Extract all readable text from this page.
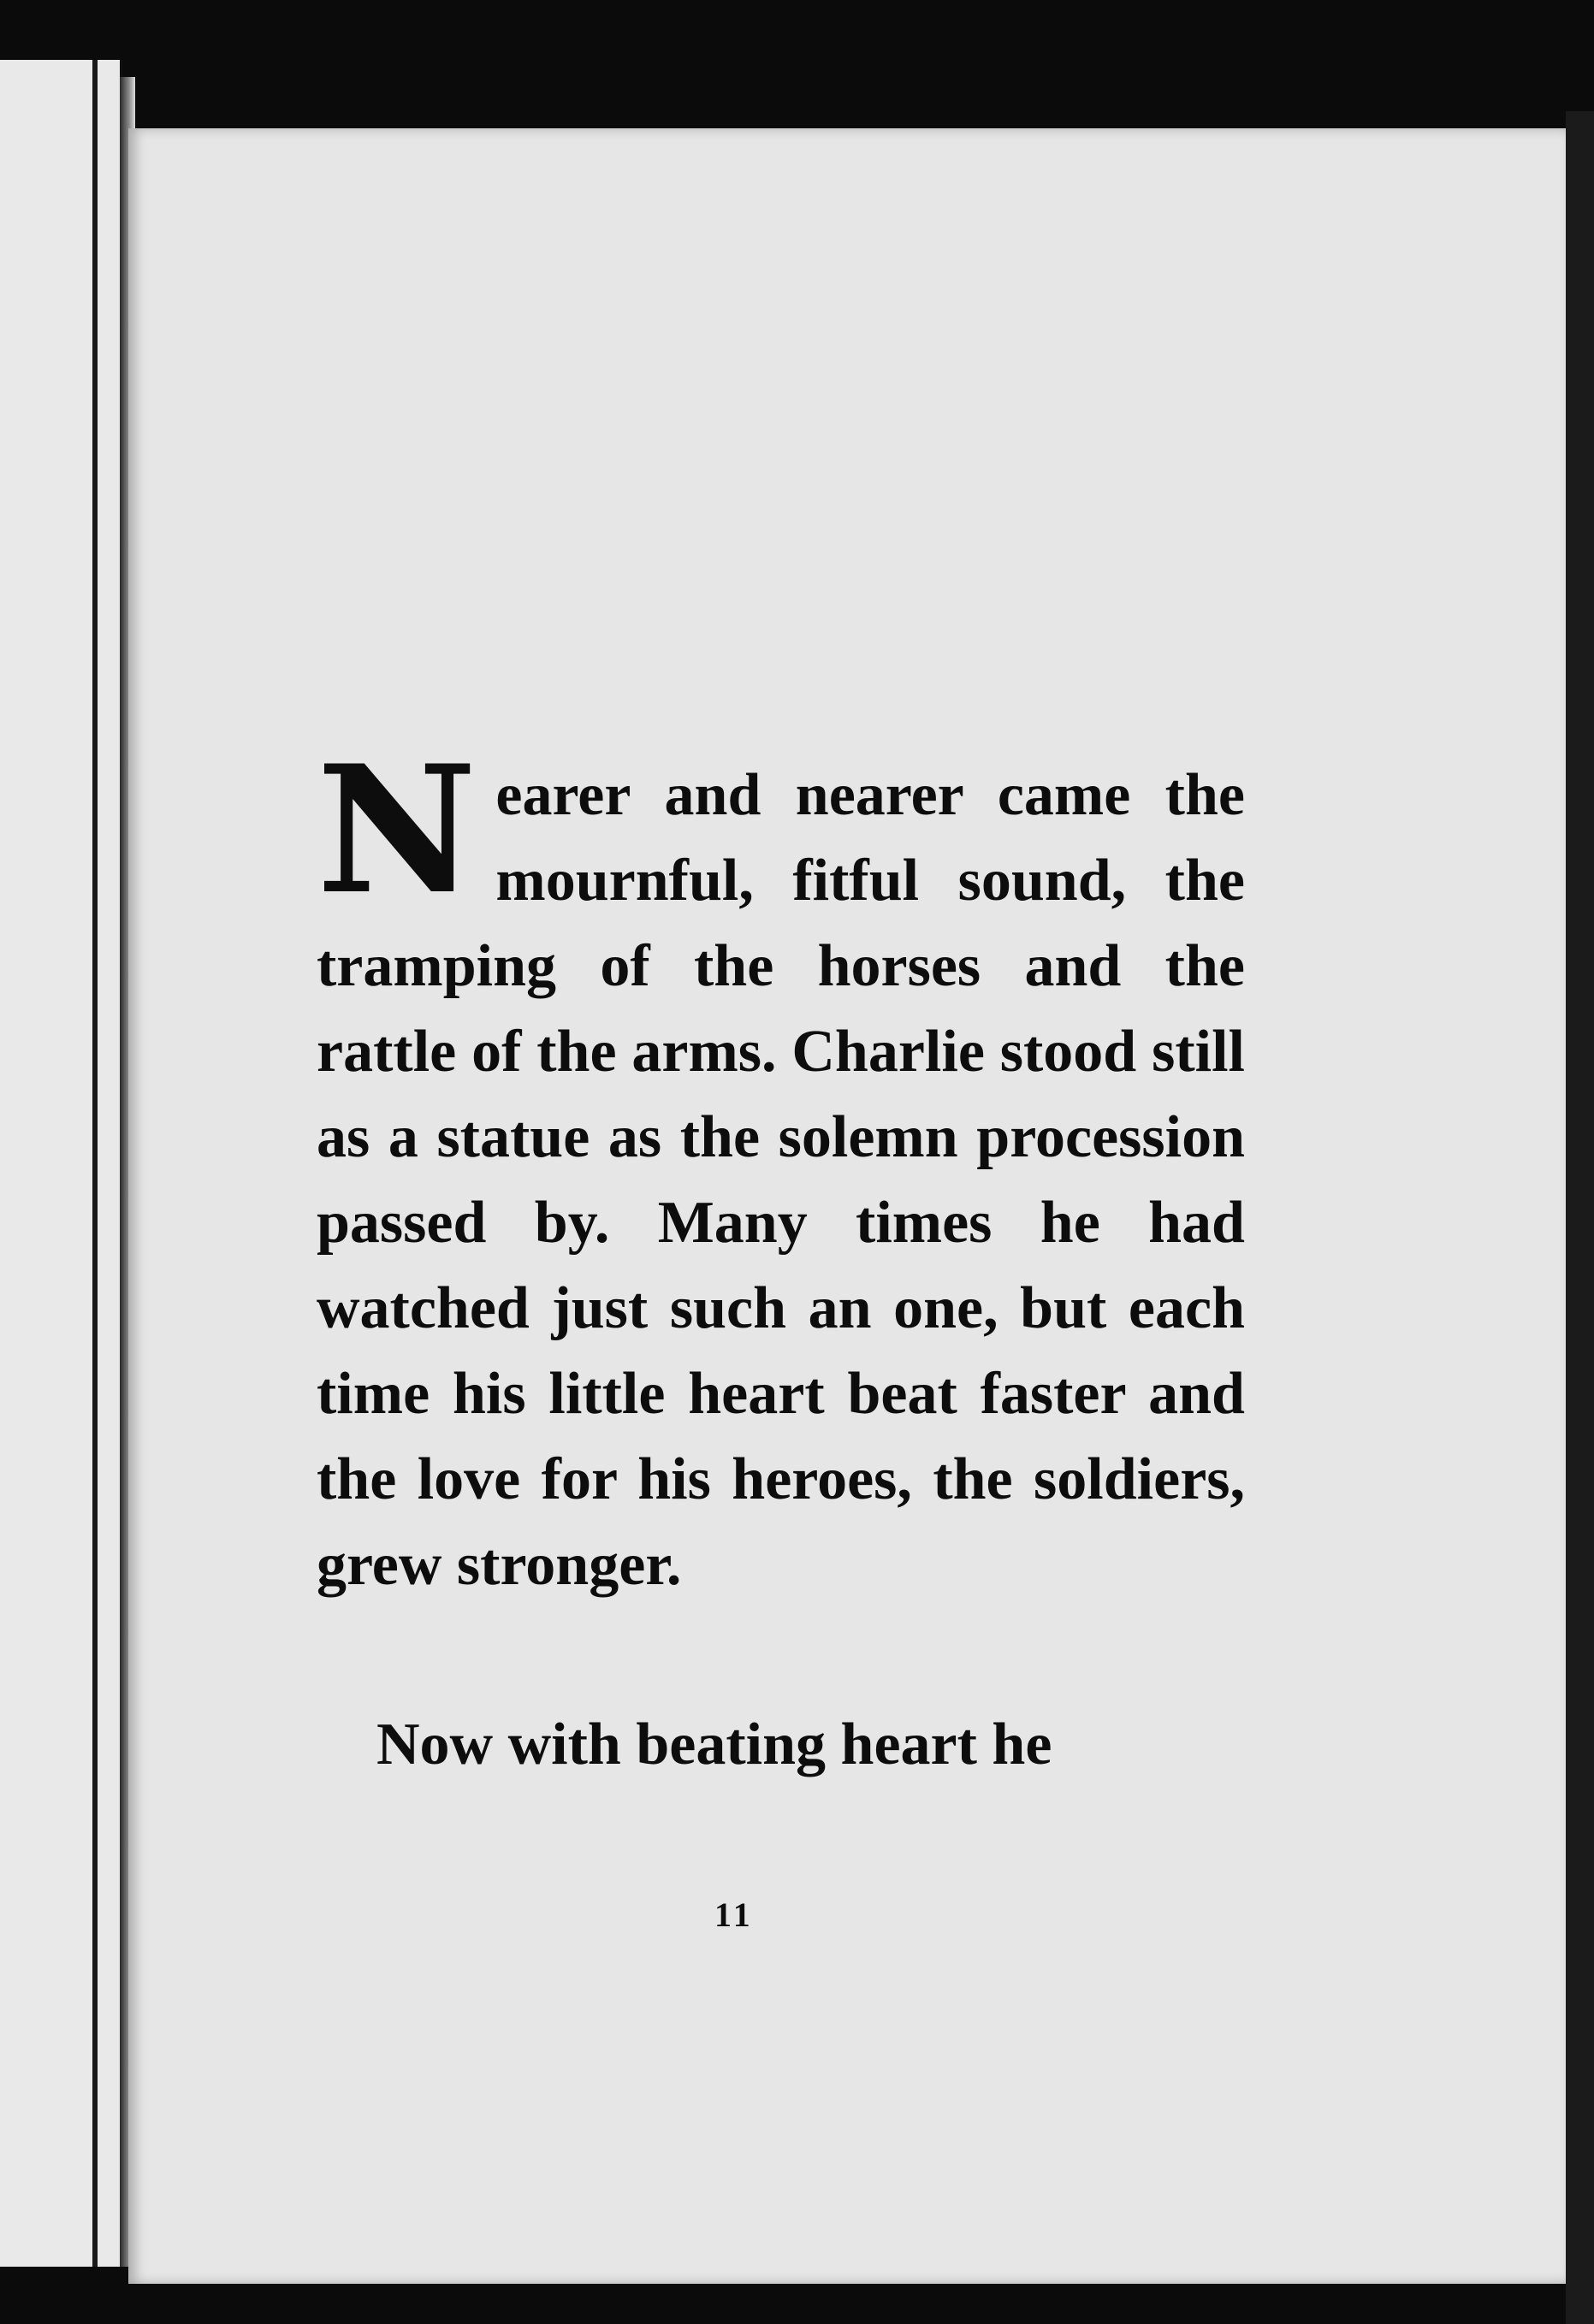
Nearer and nearer came the mournful, fitful sound, the tramping of the horses and the rattle of the arms. Charlie stood still as a statue as the solemn procession passed by. Many times he had watched just such an one, but each time his little heart beat faster and the love for his heroes, the soldiers, grew stronger.

Now with beating heart he

11
